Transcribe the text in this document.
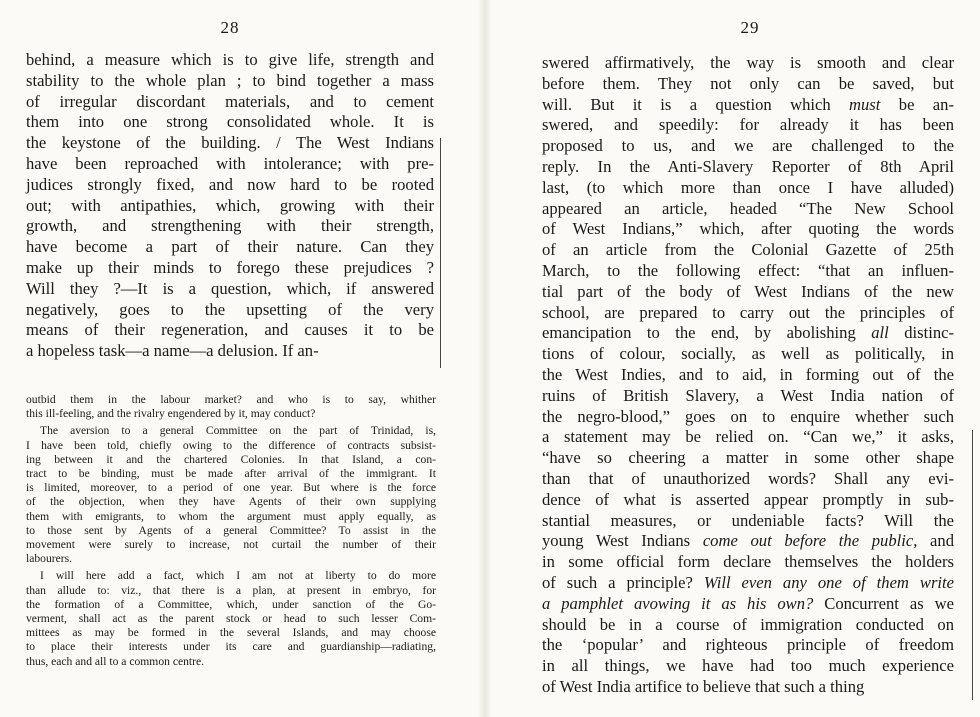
28
behind, a measure which is to give life, strength and
stability to the whole plan ; to bind together a mass
of irregular discordant materials, and to cement
them into one strong consolidated whole. It is
the keystone of the building. / The West Indians
have been reproached with intolerance; with pre-
judices strongly fixed, and now hard to be rooted
out; with antipathies, which, growing with their
growth, and strengthening with their strength,
have become a part of their nature. Can they
make up their minds to forego these prejudices ?
Will they ?—It is a question, which, if answered
negatively, goes to the upsetting of the very
means of their regeneration, and causes it to be
a hopeless task—a name—a delusion. If an-
outbid them in the labour market? and who is to say, whither
this ill-feeling, and the rivalry engendered by it, may conduct?
The aversion to a general Committee on the part of Trinidad, is,
I have been told, chiefly owing to the difference of contracts subsist-
ing between it and the chartered Colonies. In that Island, a con-
tract to be binding, must be made after arrival of the immigrant. It
is limited, moreover, to a period of one year. But where is the force
of the objection, when they have Agents of their own supplying
them with emigrants, to whom the argument must apply equally, as
to those sent by Agents of a general Committee? To assist in the
movement were surely to increase, not curtail the number of their
labourers.
I will here add a fact, which I am not at liberty to do more
than allude to: viz., that there is a plan, at present in embryo, for
the formation of a Committee, which, under sanction of the Go-
verment, shall act as the parent stock or head to such lesser Com-
mittees as may be formed in the several Islands, and may choose
to place their interests under its care and guardianship—radiating,
thus, each and all to a common centre.
29
swered affirmatively, the way is smooth and clear
before them. They not only can be saved, but
will. But it is a question which must be an-
swered, and speedily: for already it has been
proposed to us, and we are challenged to the
reply. In the Anti-Slavery Reporter of 8th April
last, (to which more than once I have alluded)
appeared an article, headed “The New School
of West Indians,” which, after quoting the words
of an article from the Colonial Gazette of 25th
March, to the following effect: “that an influen-
tial part of the body of West Indians of the new
school, are prepared to carry out the principles of
emancipation to the end, by abolishing all distinc-
tions of colour, socially, as well as politically, in
the West Indies, and to aid, in forming out of the
ruins of British Slavery, a West India nation of
the negro-blood,” goes on to enquire whether such
a statement may be relied on. “Can we,” it asks,
“have so cheering a matter in some other shape
than that of unauthorized words? Shall any evi-
dence of what is asserted appear promptly in sub-
stantial measures, or undeniable facts? Will the
young West Indians come out before the public, and
in some official form declare themselves the holders
of such a principle? Will even any one of them write
a pamphlet avowing it as his own? Concurrent as we
should be in a course of immigration conducted on
the ‘popular’ and righteous principle of freedom
in all things, we have had too much experience
of West India artifice to believe that such a thing
